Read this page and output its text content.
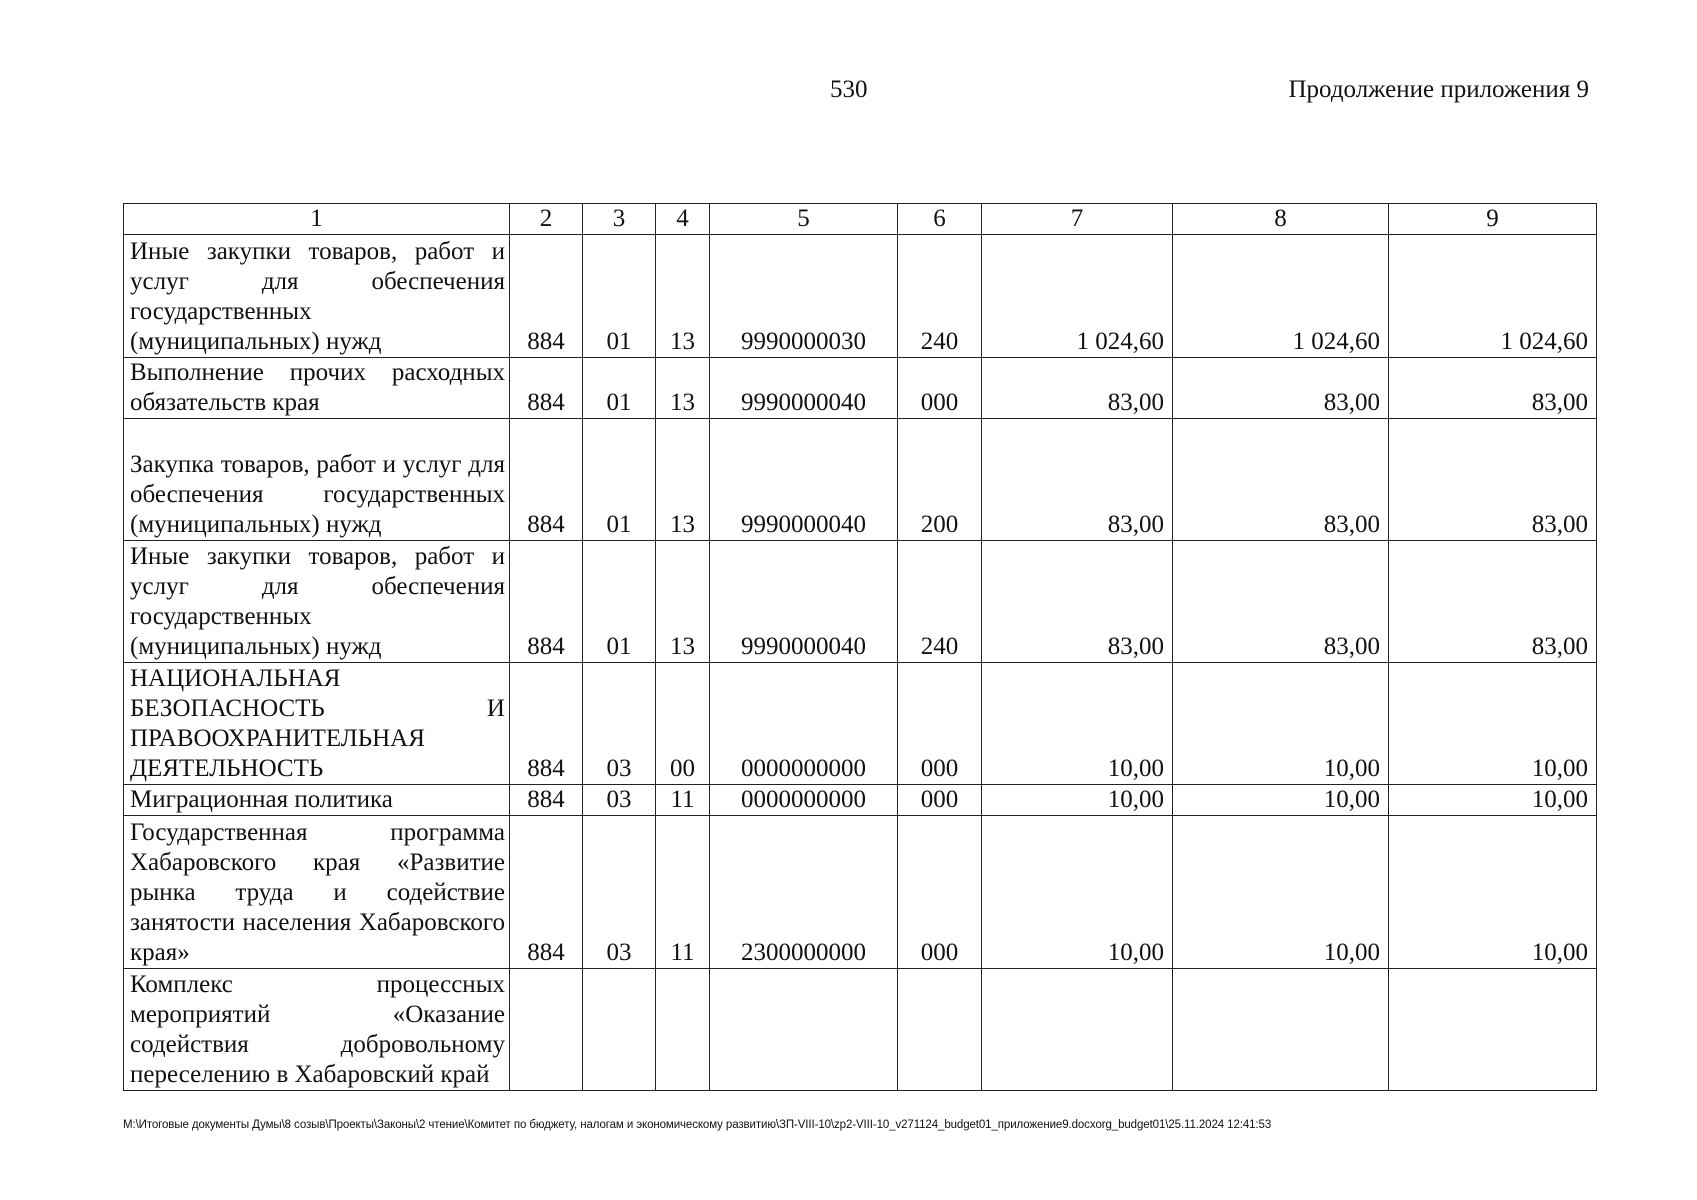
530	Продолжение приложения 9
1	2	3	4	5	6	7	8	9
Иные закупки товаров, работ и услуг для обеспечения государственных (муниципальных) нужд	884	01	13	9990000030	240	1 024,60	1 024,60	1 024,60
Выполнение прочих расходных обязательств края	884	01	13	9990000040	000	83,00	83,00	83,00
Закупка товаров, работ и услуг для обеспечения государственных (муниципальных) нужд	884	01	13	9990000040	200	83,00	83,00	83,00
Иные закупки товаров, работ и услуг для обеспечения государственных (муниципальных) нужд	884	01	13	9990000040	240	83,00	83,00	83,00
НАЦИОНАЛЬНАЯ БЕЗОПАСНОСТЬ И ПРАВООХРАНИТЕЛЬНАЯ ДЕЯТЕЛЬНОСТЬ	884	03	00	0000000000	000	10,00	10,00	10,00
Миграционная политика	884	03	11	0000000000	000	10,00	10,00	10,00
Государственная программа Хабаровского края «Развитие рынка труда и содействие занятости населения Хабаровского края»	884	03	11	2300000000	000	10,00	10,00	10,00
Комплекс процессных мероприятий «Оказание содействия добровольному переселению в Хабаровский край								
M:\Итоговые документы Думы\8 созыв\Проекты\Законы\2 чтение\Комитет по бюджету, налогам и экономическому развитию\ЗП-VIII-10\zp2-VIII-10_v271124_budget01_приложение9.docxorg_budget01\25.11.2024 12:41:53
